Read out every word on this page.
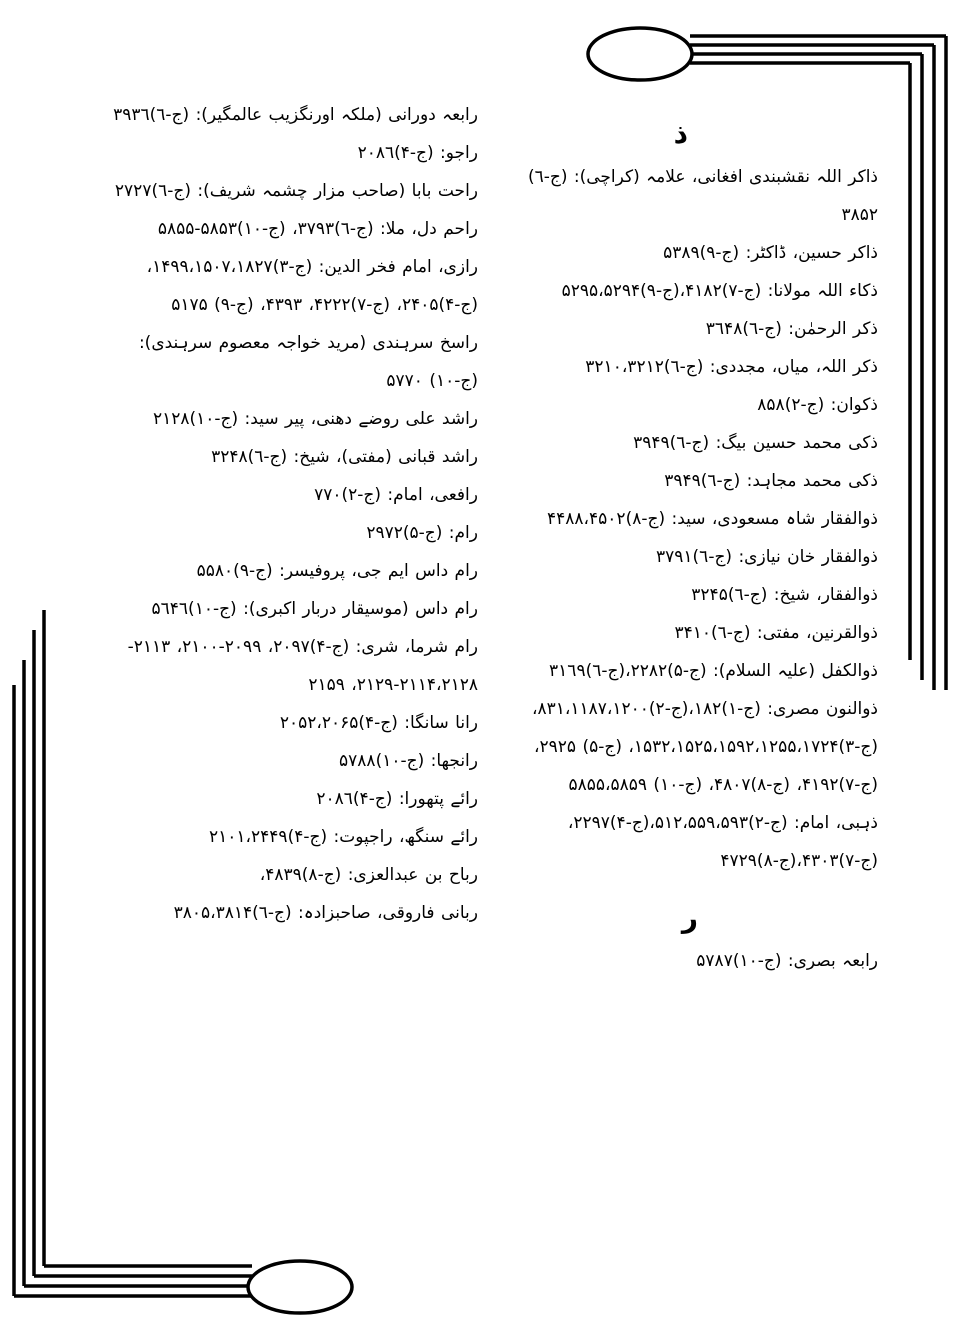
ذ

ذاکر اللہ نقشبندی افغانی، علامہ (کراچی): (ج-٦) ۳۸۵۲

ذاکر حسین، ڈاکٹر: (ج-۹)۵۳۸۹

ذکاء اللہ مولانا: (ج-۷)۴۱۸۲،(ج-۹)۵۲۹۵،۵۲۹۴

ذکر الرحمٰن: (ج-٦)۳٦۴۸

ذکر اللہ، میاں، مجددی: (ج-٦)۳۲۱۰،۳۲۱۲

ذکوان: (ج-۲)۸۵۸

ذکی محمد حسین بیگ: (ج-٦)۳۹۴۹

ذکی محمد مجاہد: (ج-٦)۳۹۴۹

ذوالفقار شاہ مسعودی، سید: (ج-۸)۴۴۸۸،۴۵۰۲

ذوالفقار خان نیازی: (ج-٦)۳۷۹۱

ذوالفقار، شیخ: (ج-٦)۳۲۴۵

ذوالقرنین، مفتی: (ج-٦)۳۴۱۰

ذوالکفل (علیہ السلام): (ج-۵)۲۲۸۲،(ج-٦)۳۱٦۹

ذوالنون مصری: (ج-۱)۱۸۲،(ج-۲)۸۳۱،۱۱۸۷،۱۲۰۰، (ج-۳)۱۵۳۲،۱۵۲۵،۱۵۹۲،۱۲۵۵،۱۷۲۴، (ج-۵) ۲۹۲۵، (ج-۷)۴۱۹۲، (ج-۸)۴۸۰۷، (ج-۱۰) ۵۸۵۵،۵۸۵۹

ذہبی، امام: (ج-۲)۵۱۲،۵۵۹،۵۹۳،(ج-۴)۲۲۹۷، (ج-۷)۴۳۰۳،(ج-۸)۴۷۲۹

ر

رابعہ بصری: (ج-۱۰)۵۷۸۷

رابعہ دورانی (ملکہ اورنگزیب عالمگیر): (ج-٦)۳۹۳٦

راجو: (ج-۴)۲۰۸٦

راحت بابا (صاحب مزار چشمہ شریف): (ج-٦)۲۷۲۷

راحم دل، ملا: (ج-٦)۳۷۹۳، (ج-۱۰)۵۸۵۳-۵۸۵۵

رازی، امام فخر الدین: (ج-۳)۱۴۹۹،۱۵۰۷،۱۸۲۷، (ج-۴)۲۴۰۵، (ج-۷)۴۲۲۲، ۴۳۹۳، (ج-۹) ۵۱۷۵

راسخ سرہندی (مرید خواجہ معصوم سرہندی): (ج-۱۰) ۵۷۷۰

راشد علی روضے دھنی، پیر سید: (ج-۱۰)۲۱۲۸

راشد قبانی (مفتی)، شیخ: (ج-٦)۳۲۴۸

رافعی، امام: (ج-۲)۷۷۰

رام: (ج-۵)۲۹۷۲

رام داس ایم جی، پروفیسر: (ج-۹)۵۵۸۰

رام داس (موسیقار دربار اکبری): (ج-۱۰)۵٦۴٦

رام شرما، شری: (ج-۴)۲۰۹۷، ۲۰۹۹-۲۱۰۰، ۲۱۱۳- ۲۱۱۴،۲۱۲۸-۲۱۲۹، ۲۱۵۹

رانا سانگا: (ج-۴)۲۰۵۲،۲۰۶۵

رانجھا: (ج-۱۰)۵۷۸۸

رائے پتھورا: (ج-۴)۲۰۸٦

رائے سنگھ، راجپوت: (ج-۴)۲۱۰۱،۲۴۴۹

رباح بن عبدالعزی: (ج-۸)۴۸۳۹،

ربانی فاروقی، صاحبزادہ: (ج-٦)۳۸۰۵،۳۸۱۴
